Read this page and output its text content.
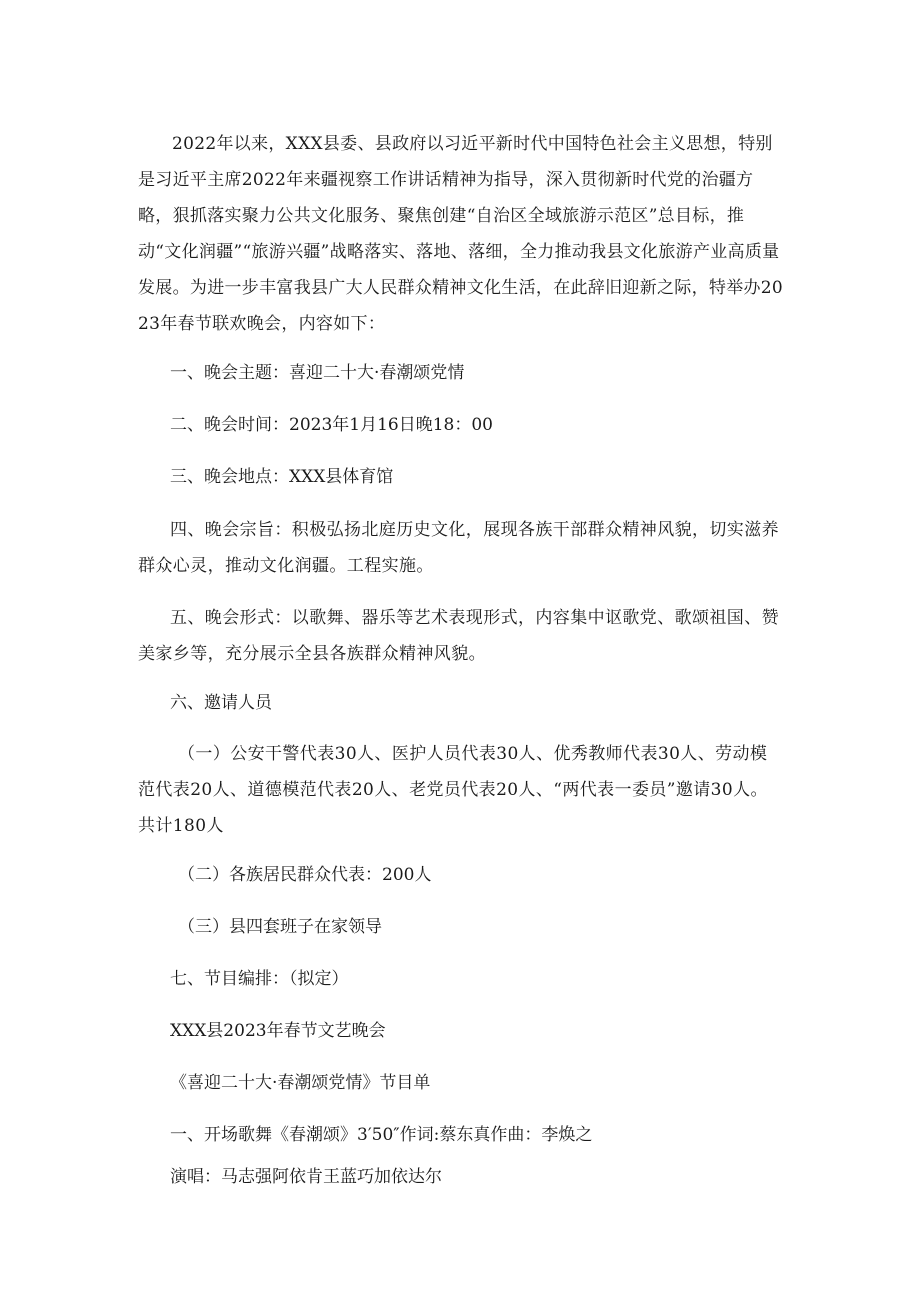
2022年以来，XXX县委、县政府以习近平新时代中国特色社会主义思想，特别是习近平主席2022年来疆视察工作讲话精神为指导，深入贯彻新时代党的治疆方略，狠抓落实聚力公共文化服务、聚焦创建“自治区全域旅游示范区”总目标，推动“文化润疆”“旅游兴疆”战略落实、落地、落细，全力推动我县文化旅游产业高质量发展。为进一步丰富我县广大人民群众精神文化生活，在此辞旧迎新之际，特举办2023年春节联欢晚会，内容如下：

一、晚会主题：喜迎二十大·春潮颂党情

二、晚会时间：2023年1月16日晚18：00

三、晚会地点：XXX县体育馆

四、晚会宗旨：积极弘扬北庭历史文化，展现各族干部群众精神风貌，切实滋养群众心灵，推动文化润疆。工程实施。

五、晚会形式：以歌舞、器乐等艺术表现形式，内容集中讴歌党、歌颂祖国、赞美家乡等，充分展示全县各族群众精神风貌。

六、邀请人员

（一）公安干警代表30人、医护人员代表30人、优秀教师代表30人、劳动模范代表20人、道德模范代表20人、老党员代表20人、“两代表一委员”邀请30人。共计180人

（二）各族居民群众代表：200人

（三）县四套班子在家领导

七、节目编排：（拟定）

XXX县2023年春节文艺晚会

《喜迎二十大·春潮颂党情》节目单

一、开场歌舞《春潮颂》3′50″作词:蔡东真作曲：李焕之

演唱：马志强阿依肯王蓝巧加依达尔
